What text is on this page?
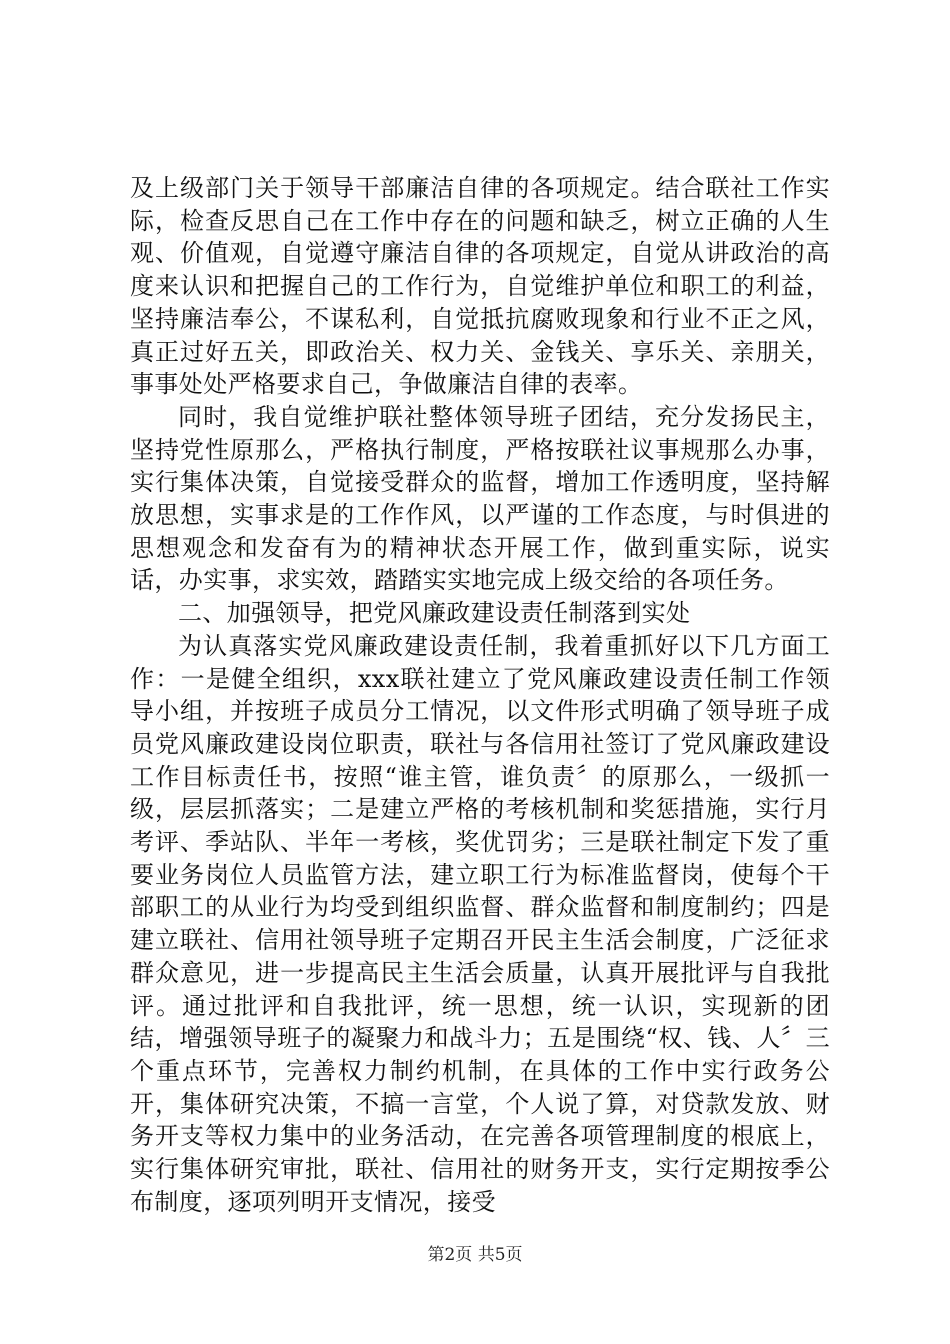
及上级部门关于领导干部廉洁自律的各项规定。结合联社工作实际，检查反思自己在工作中存在的问题和缺乏，树立正确的人生观、价值观，自觉遵守廉洁自律的各项规定，自觉从讲政治的高度来认识和把握自己的工作行为，自觉维护单位和职工的利益，坚持廉洁奉公，不谋私利，自觉抵抗腐败现象和行业不正之风，真正过好五关，即政治关、权力关、金钱关、享乐关、亲朋关，事事处处严格要求自己，争做廉洁自律的表率。

同时，我自觉维护联社整体领导班子团结，充分发扬民主，坚持党性原那么，严格执行制度，严格按联社议事规那么办事，实行集体决策，自觉接受群众的监督，增加工作透明度，坚持解放思想，实事求是的工作作风，以严谨的工作态度，与时俱进的思想观念和发奋有为的精神状态开展工作，做到重实际，说实话，办实事，求实效，踏踏实实地完成上级交给的各项任务。

二、加强领导，把党风廉政建设责任制落到实处

为认真落实党风廉政建设责任制，我着重抓好以下几方面工作：一是健全组织，xxx联社建立了党风廉政建设责任制工作领导小组，并按班子成员分工情况，以文件形式明确了领导班子成员党风廉政建设岗位职责，联社与各信用社签订了党风廉政建设工作目标责任书，按照“谁主管，谁负责〞的原那么，一级抓一级，层层抓落实；二是建立严格的考核机制和奖惩措施，实行月考评、季站队、半年一考核，奖优罚劣；三是联社制定下发了重要业务岗位人员监管方法，建立职工行为标准监督岗，使每个干部职工的从业行为均受到组织监督、群众监督和制度制约；四是建立联社、信用社领导班子定期召开民主生活会制度，广泛征求群众意见，进一步提高民主生活会质量，认真开展批评与自我批评。通过批评和自我批评，统一思想，统一认识，实现新的团结，增强领导班子的凝聚力和战斗力；五是围绕“权、钱、人〞三个重点环节，完善权力制约机制，在具体的工作中实行政务公开，集体研究决策，不搞一言堂，个人说了算，对贷款发放、财务开支等权力集中的业务活动，在完善各项管理制度的根底上，实行集体研究审批，联社、信用社的财务开支，实行定期按季公布制度，逐项列明开支情况，接受

第2页 共5页
